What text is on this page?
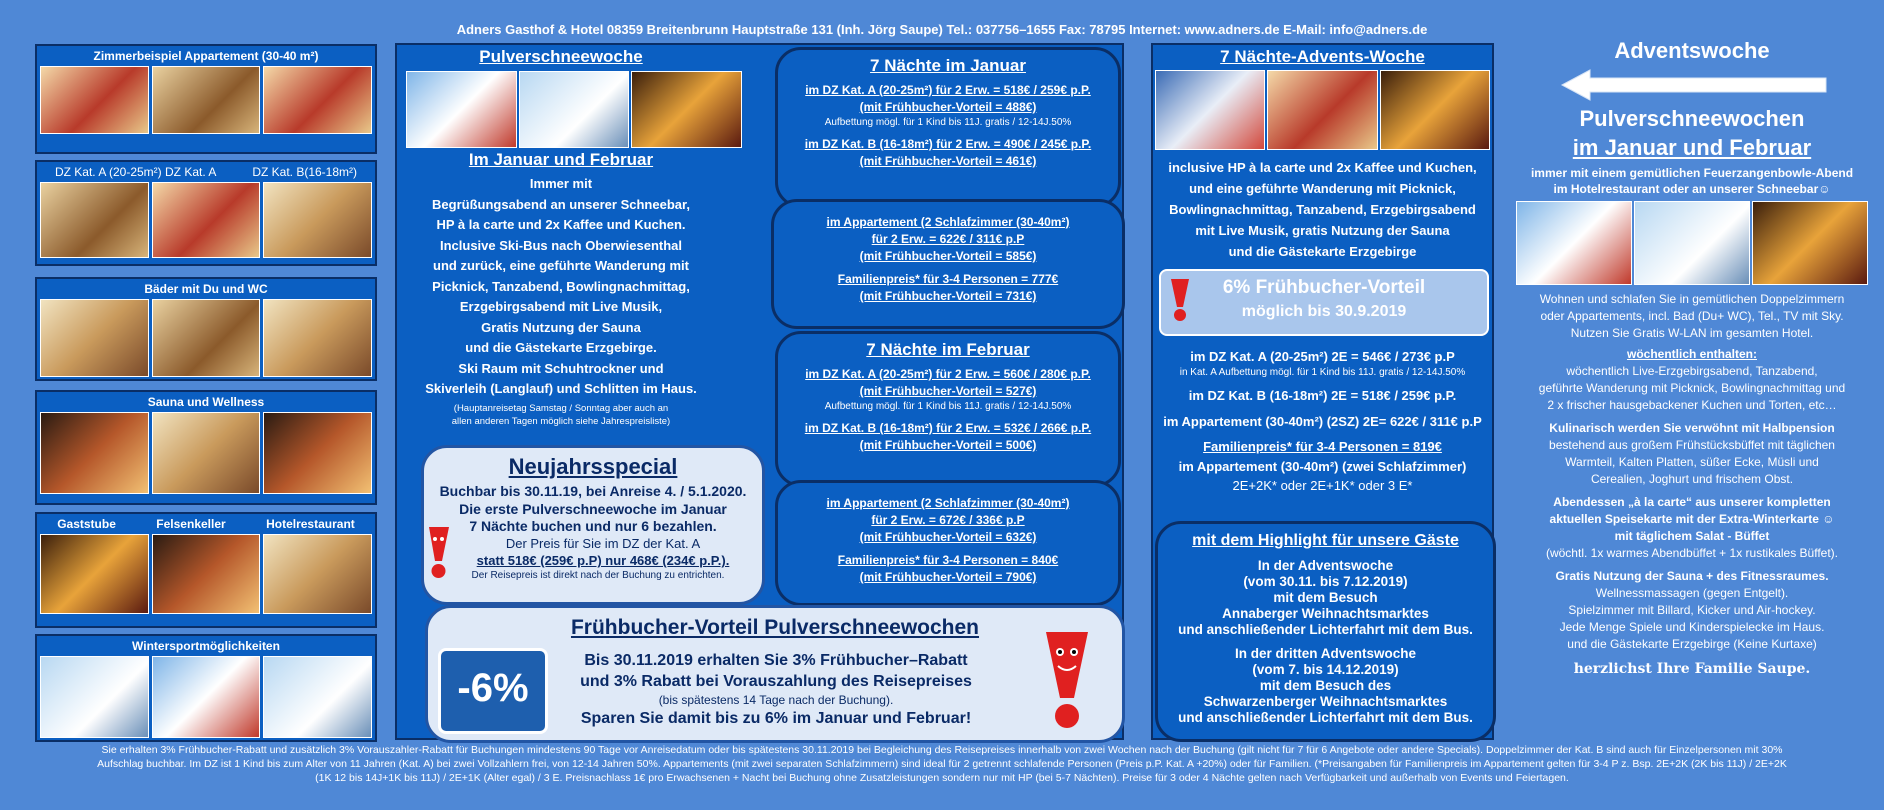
Adners Gasthof & Hotel 08359 Breitenbrunn Hauptstraße 131 (Inh. Jörg Saupe) Tel.: 037756–1655 Fax: 78795 Internet: www.adners.de E-Mail: info@adners.de
Zimmerbeispiel Appartement (30-40 m²)
DZ Kat. A (20-25m²) DZ Kat. A	DZ Kat. B(16-18m²)
Bäder mit Du und WC
Sauna und Wellness
Gaststube	Felsenkeller	Hotelrestaurant
Wintersportmöglichkeiten
Pulverschneewoche
Im Januar und Februar
Immer mit
Begrüßungsabend an unserer Schneebar,
HP à la carte und 2x Kaffee und Kuchen.
Inclusive Ski-Bus nach Oberwiesenthal
und zurück, eine geführte Wanderung mit
Picknick, Tanzabend, Bowlingnachmittag,
Erzgebirgsabend mit Live Musik,
Gratis Nutzung der Sauna
und die Gästekarte Erzgebirge.
Ski Raum mit Schuhtrockner und
Skiverleih (Langlauf) und Schlitten im Haus.
(Hauptanreisetag Samstag / Sonntag aber auch an allen anderen Tagen möglich siehe Jahrespreisliste)
7 Nächte im Januar
im DZ Kat. A (20-25m²) für 2 Erw. = 518€ / 259€ p.P.
(mit Frühbucher-Vorteil = 488€)
Aufbettung mögl. für 1 Kind bis 11J. gratis / 12-14J.50%
im DZ Kat. B (16-18m²) für 2 Erw. = 490€ / 245€ p.P.
(mit Frühbucher-Vorteil = 461€)
im Appartement (2 Schlafzimmer (30-40m²)
für 2 Erw. = 622€ / 311€ p.P
(mit Frühbucher-Vorteil = 585€)
Familienpreis* für 3-4 Personen = 777€
(mit Frühbucher-Vorteil = 731€)
7 Nächte im Februar
im DZ Kat. A (20-25m²) für 2 Erw. = 560€ / 280€ p.P.
(mit Frühbucher-Vorteil = 527€)
Aufbettung mögl. für 1 Kind bis 11J. gratis / 12-14J.50%
im DZ Kat. B (16-18m²) für 2 Erw. = 532€ / 266€ p.P.
(mit Frühbucher-Vorteil = 500€)
im Appartement (2 Schlafzimmer (30-40m²)
für 2 Erw. = 672€ / 336€ p.P
(mit Frühbucher-Vorteil = 632€)
Familienpreis* für 3-4 Personen = 840€
(mit Frühbucher-Vorteil = 790€)
Neujahrsspecial
Buchbar bis 30.11.19, bei Anreise 4. / 5.1.2020.
Die erste Pulverschneewoche im Januar
7 Nächte buchen und nur 6 bezahlen.
Der Preis für Sie im DZ der Kat. A
statt 518€ (259€ p.P) nur 468€ (234€ p.P.).
Der Reisepreis ist direkt nach der Buchung zu entrichten.
Frühbucher-Vorteil Pulverschneewochen
-6%
Bis 30.11.2019 erhalten Sie 3% Frühbucher–Rabatt
und 3% Rabatt bei Vorauszahlung des Reisepreises
(bis spätestens 14 Tage nach der Buchung).
Sparen Sie damit bis zu 6% im Januar und Februar!
7 Nächte-Advents-Woche
inclusive HP à la carte und 2x Kaffee und Kuchen,
und eine geführte Wanderung mit Picknick,
Bowlingnachmittag, Tanzabend, Erzgebirgsabend
mit Live Musik, gratis Nutzung der Sauna
und die Gästekarte Erzgebirge
6% Frühbucher-Vorteil
möglich bis 30.9.2019
im DZ Kat. A (20-25m²) 2E = 546€ / 273€ p.P
in Kat. A Aufbettung mögl. für 1 Kind bis 11J. gratis / 12-14J.50%
im DZ Kat. B (16-18m²) 2E = 518€ / 259€ p.P.
im Appartement (30-40m²) (2SZ) 2E= 622€ / 311€ p.P
Familienpreis* für 3-4 Personen = 819€
im Appartement (30-40m²) (zwei Schlafzimmer)
2E+2K* oder 2E+1K* oder 3 E*
mit dem Highlight für unsere Gäste
In der Adventswoche
(vom 30.11. bis 7.12.2019)
mit dem Besuch
Annaberger Weihnachtsmarktes
und anschließender Lichterfahrt mit dem Bus.
In der dritten Adventswoche
(vom 7. bis 14.12.2019)
mit dem Besuch des
Schwarzenberger Weihnachtsmarktes
und anschließender Lichterfahrt mit dem Bus.
Adventswoche
Pulverschneewochen
im Januar und Februar
immer mit einem gemütlichen Feuerzangenbowle-Abend
im Hotelrestaurant oder an unserer Schneebar☺
Wohnen und schlafen Sie in gemütlichen Doppelzimmern
oder Appartements, incl. Bad (Du+ WC), Tel., TV mit Sky.
Nutzen Sie Gratis W-LAN im gesamten Hotel.
wöchentlich enthalten:
wöchentlich Live-Erzgebirgsabend, Tanzabend,
geführte Wanderung mit Picknick, Bowlingnachmittag und
2 x frischer hausgebackener Kuchen und Torten, etc…
Kulinarisch werden Sie verwöhnt mit Halbpension
bestehend aus großem Frühstücksbüffet mit täglichen
Warmteil, Kalten Platten, süßer Ecke, Müsli und
Cerealien, Joghurt und frischem Obst.
Abendessen „à la carte“ aus unserer kompletten
aktuellen Speisekarte mit der Extra-Winterkarte ☺
mit täglichem Salat - Büffet
(wöchtl. 1x warmes Abendbüffet + 1x rustikales Büffet).
Gratis Nutzung der Sauna + des Fitnessraumes.
Wellnessmassagen (gegen Entgelt).
Spielzimmer mit Billard, Kicker und Air-hockey.
Jede Menge Spiele und Kinderspielecke im Haus.
und die Gästekarte Erzgebirge (Keine Kurtaxe)
herzlichst Ihre Familie Saupe.
Sie erhalten 3% Frühbucher-Rabatt und zusätzlich 3% Vorauszahler-Rabatt für Buchungen mindestens 90 Tage vor Anreisedatum oder bis spätestens 30.11.2019 bei Begleichung des Reisepreises innerhalb von zwei Wochen nach der Buchung (gilt nicht für 7 für 6 Angebote oder andere Specials). Doppelzimmer der Kat. B sind auch für Einzelpersonen mit 30%
Aufschlag buchbar. Im DZ ist 1 Kind bis zum Alter von 11 Jahren (Kat. A) bei zwei Vollzahlern frei, von 12-14 Jahren 50%. Appartements (mit zwei separaten Schlafzimmern) sind ideal für 2 getrennt schlafende Personen (Preis p.P. Kat. A +20%) oder für Familien. (*Preisangaben für Familienpreis im Appartement gelten für 3-4 P z. Bsp. 2E+2K (2K bis 11J) / 2E+2K
(1K 12 bis 14J+1K bis 11J) / 2E+1K (Alter egal) / 3 E. Preisnachlass 1€ pro Erwachsenen + Nacht bei Buchung ohne Zusatzleistungen sondern nur mit HP (bei 5-7 Nächten). Preise für 3 oder 4 Nächte gelten nach Verfügbarkeit und außerhalb von Events und Feiertagen.
